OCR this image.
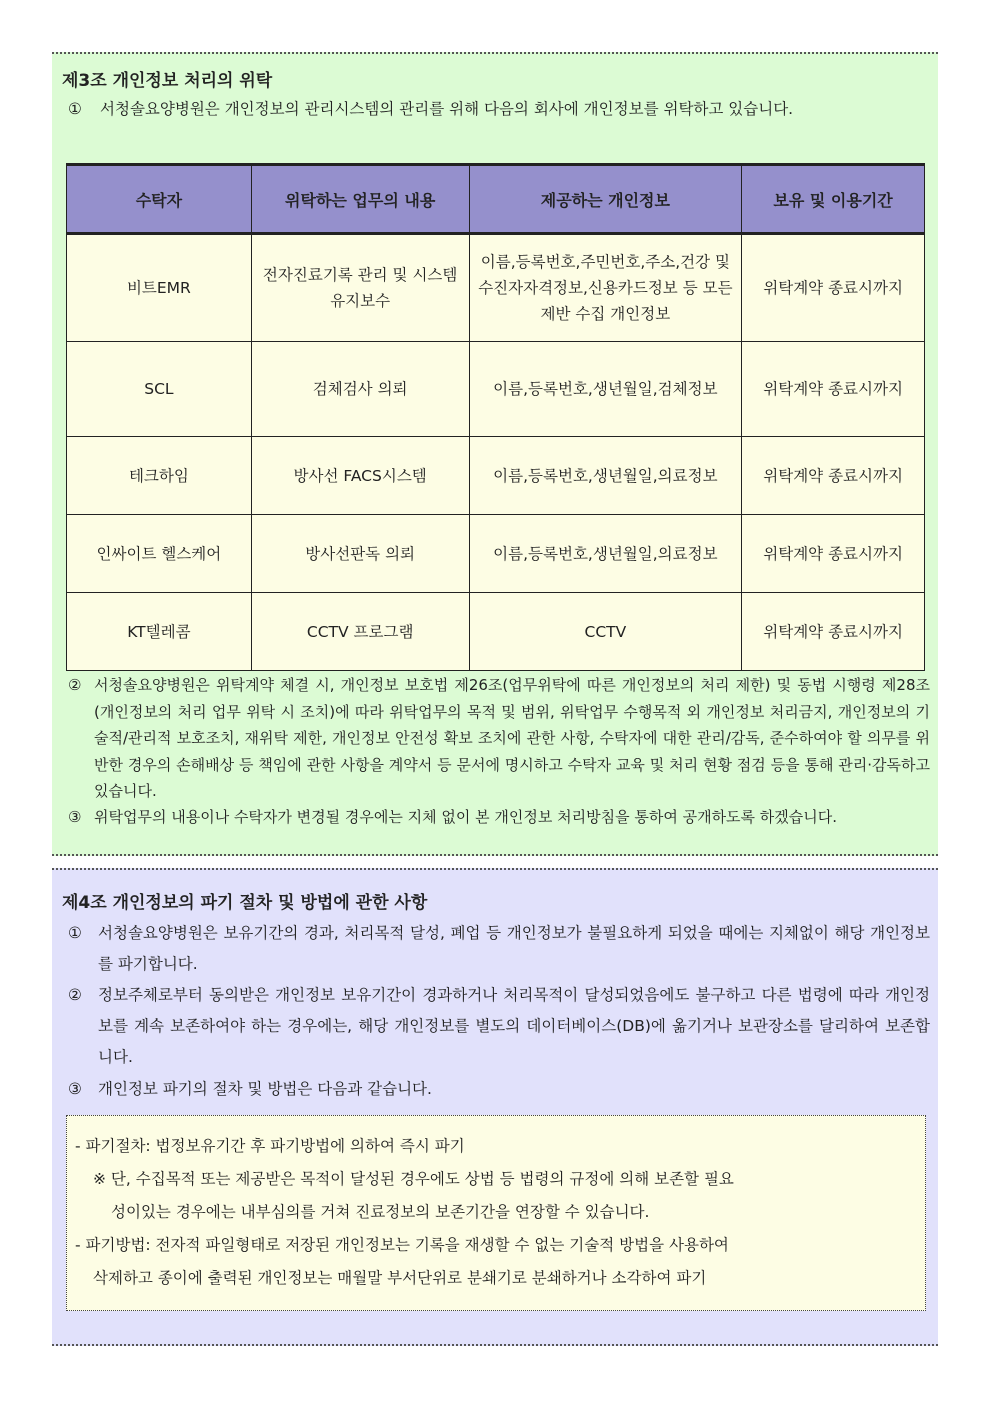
제3조 개인정보 처리의 위탁
①	서청솔요양병원은 개인정보의 관리시스템의 관리를 위해 다음의 회사에 개인정보를 위탁하고 있습니다.
수탁자	위탁하는 업무의 내용	제공하는 개인정보	보유 및 이용기간
비트EMR	전자진료기록 관리 및 시스템 유지보수	이름,등록번호,주민번호,주소,건강 및 수진자자격정보,신용카드정보 등 모든제반 수집 개인정보	위탁계약 종료시까지
SCL	검체검사 의뢰	이름,등록번호,생년월일,검체정보	위탁계약 종료시까지
테크하임	방사선 FACS시스템	이름,등록번호,생년월일,의료정보	위탁계약 종료시까지
인싸이트 헬스케어	방사선판독 의뢰	이름,등록번호,생년월일,의료정보	위탁계약 종료시까지
KT텔레콤	CCTV 프로그램	CCTV	위탁계약 종료시까지
② 서청솔요양병원은 위탁계약 체결 시, 개인정보 보호법 제26조(업무위탁에 따른 개인정보의 처리 제한) 및 동법 시행령 제28조(개인정보의 처리 업무 위탁 시 조치)에 따라 위탁업무의 목적 및 범위, 위탁업무 수행목적 외 개인정보 처리금지, 개인정보의 기술적/관리적 보호조치, 재위탁 제한, 개인정보 안전성 확보 조치에 관한 사항, 수탁자에 대한 관리/감독, 준수하여야 할 의무를 위반한 경우의 손해배상 등 책임에 관한 사항을 계약서 등 문서에 명시하고 수탁자 교육 및 처리 현황 점검 등을 통해 관리·감독하고 있습니다.
③ 위탁업무의 내용이나 수탁자가 변경될 경우에는 지체 없이 본 개인정보 처리방침을 통하여 공개하도록 하겠습니다.
제4조 개인정보의 파기 절차 및 방법에 관한 사항
①	서청솔요양병원은 보유기간의 경과, 처리목적 달성, 폐업 등 개인정보가 불필요하게 되었을 때에는 지체없이 해당 개인정보를 파기합니다.
②	정보주체로부터 동의받은 개인정보 보유기간이 경과하거나 처리목적이 달성되었음에도 불구하고 다른 법령에 따라 개인정보를 계속 보존하여야 하는 경우에는, 해당 개인정보를 별도의 데이터베이스(DB)에 옮기거나 보관장소를 달리하여 보존합니다.
③	개인정보 파기의 절차 및 방법은 다음과 같습니다.
- 파기절차: 법정보유기간 후 파기방법에 의하여 즉시 파기
※ 단, 수집목적 또는 제공받은 목적이 달성된 경우에도 상법 등 법령의 규정에 의해 보존할 필요
성이있는 경우에는 내부심의를 거쳐 진료정보의 보존기간을 연장할 수 있습니다.
- 파기방법: 전자적 파일형태로 저장된 개인정보는 기록을 재생할 수 없는 기술적 방법을 사용하여
삭제하고 종이에 출력된 개인정보는 매월말 부서단위로 분쇄기로 분쇄하거나 소각하여 파기
